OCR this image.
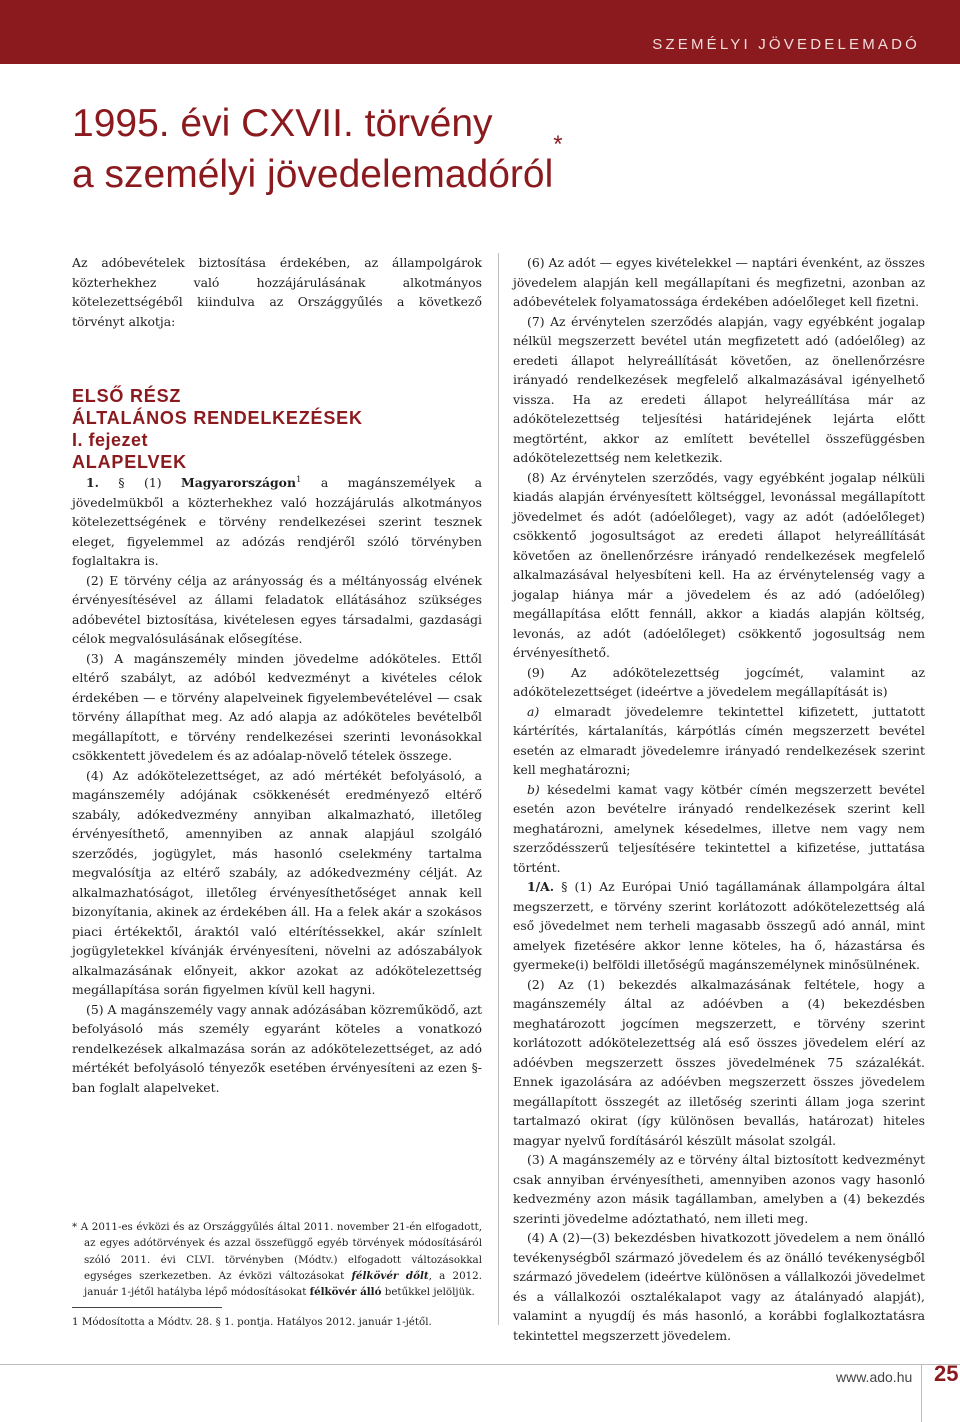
SZEMÉLYI JÖVEDELEMADÓ
1995. évi CXVII. törvény
a személyi jövedelemadóról*

Az adóbevételek biztosítása érdekében, az állampolgárok közterhekhez való hozzájárulásának alkotmányos kötelezettségéből kiindulva az Országgyűlés a következő törvényt alkotja:

ELSŐ RÉSZ

ÁLTALÁNOS RENDELKEZÉSEK

I. fejezet

ALAPELVEK

1. § (1) Magyarországon$^1$ a magánszemélyek a jövedelmükből a közterhekhez való hozzájárulás alkotmányos kötelezettségének e törvény rendelkezései szerint tesznek eleget, figyelemmel az adózás rendjéről szóló törvényben foglaltakra is.

(2) E törvény célja az arányosság és a méltányosság elvének érvényesítésével az állami feladatok ellátásához szükséges adóbevétel biztosítása, kivételesen egyes társadalmi, gazdasági célok megvalósulásának elősegítése.

(3) A magánszemély minden jövedelme adóköteles. Ettől eltérő szabályt, az adóból kedvezményt a kivételes célok érdekében — e törvény alapelveinek figyelembevételével — csak törvény állapíthat meg. Az adó alapja az adóköteles bevételből megállapított, e törvény rendelkezései szerinti levonásokkal csökkentett jövedelem és az adóalap-növelő tételek összege.

(4) Az adókötelezettséget, az adó mértékét befolyásoló, a magánszemély adójának csökkenését eredményező eltérő szabály, adókedvezmény annyiban alkalmazható, illetőleg érvényesíthető, amennyiben az annak alapjául szolgáló szerződés, jogügylet, más hasonló cselekmény tartalma megvalósítja az eltérő szabály, az adókedvezmény célját. Az alkalmazhatóságot, illetőleg érvényesíthetőséget annak kell bizonyítania, akinek az érdekében áll. Ha a felek akár a szokásos piaci értékektől, áraktól való eltérítéssekkel, akár színlelt jogügyletekkel kívánják érvényesíteni, növelni az adószabályok alkalmazásának előnyeit, akkor azokat az adókötelezettség megállapítása során figyelmen kívül kell hagyni.

(5) A magánszemély vagy annak adózásában közreműködő, azt befolyásoló más személy egyaránt köteles a vonatkozó rendelkezések alkalmazása során az adókötelezettséget, az adó mértékét befolyásoló tényezők esetében érvényesíteni az ezen §-ban foglalt alapelveket.

(6) Az adót — egyes kivételekkel — naptári évenként, az összes jövedelem alapján kell megállapítani és megfizetni, azonban az adóbevételek folyamatossága érdekében adóelőleget kell fizetni.

(7) Az érvénytelen szerződés alapján, vagy egyébként jogalap nélkül megszerzett bevétel után megfizetett adó (adóelőleg) az eredeti állapot helyreállítását követően, az önellenőrzésre irányadó rendelkezések megfelelő alkalmazásával igényelhető vissza. Ha az eredeti állapot helyreállítása már az adókötelezettség teljesítési határidejének lejárta előtt megtörtént, akkor az említett bevétellel összefüggésben adókötelezettség nem keletkezik.

(8) Az érvénytelen szerződés, vagy egyébként jogalap nélküli kiadás alapján érvényesített költséggel, levonással megállapított jövedelmet és adót (adóelőleget), vagy az adót (adóelőleget) csökkentő jogosultságot az eredeti állapot helyreállítását követően az önellenőrzésre irányadó rendelkezések megfelelő alkalmazásával helyesbíteni kell. Ha az érvénytelenség vagy a jogalap hiánya már a jövedelem és az adó (adóelőleg) megállapítása előtt fennáll, akkor a kiadás alapján költség, levonás, az adót (adóelőleget) csökkentő jogosultság nem érvényesíthető.

(9) Az adókötelezettség jogcímét, valamint az adókötelezettséget (ideértve a jövedelem megállapítását is)

a) elmaradt jövedelemre tekintettel kifizetett, juttatott kártérítés, kártalanítás, kárpótlás címén megszerzett bevétel esetén az elmaradt jövedelemre irányadó rendelkezések szerint kell meghatározni;

b) késedelmi kamat vagy kötbér címén megszerzett bevétel esetén azon bevételre irányadó rendelkezések szerint kell meghatározni, amelynek késedelmes, illetve nem vagy nem szerződésszerű teljesítésére tekintettel a kifizetése, juttatása történt.

1/A. § (1) Az Európai Unió tagállamának állampolgára által megszerzett, e törvény szerint korlátozott adókötelezettség alá eső jövedelmet nem terheli magasabb összegű adó annál, mint amelyek fizetésére akkor lenne köteles, ha ő, házastársa és gyermeke(i) belföldi illetőségű magánszemélynek minősülnének.

(2) Az (1) bekezdés alkalmazásának feltétele, hogy a magánszemély által az adóévben a (4) bekezdésben meghatározott jogcímen megszerzett, e törvény szerint korlátozott adókötelezettség alá eső összes jövedelem elérí az adóévben megszerzett összes jövedelmének 75 százalékát. Ennek igazolására az adóévben megszerzett összes jövedelem megállapított összegét az illetőség szerinti állam joga szerint tartalmazó okirat (így különösen bevallás, határozat) hiteles magyar nyelvű fordításáról készült másolat szolgál.

(3) A magánszemély az e törvény által biztosított kedvezményt csak annyiban érvényesítheti, amennyiben azonos vagy hasonló kedvezmény azon másik tagállamban, amelyben a (4) bekezdés szerinti jövedelme adóztatható, nem illeti meg.

(4) A (2)—(3) bekezdésben hivatkozott jövedelem a nem önálló tevékenységből származó jövedelem és az önálló tevékenységből származó jövedelem (ideértve különösen a vállalkozói jövedelmet és a vállalkozói osztalékalapot vagy az átalányadó alapját), valamint a nyugdíj és más hasonló, a korábbi foglalkoztatásra tekintettel megszerzett jövedelem.

* A 2011-es évközi és az Országgyűlés által 2011. november 21-én elfogadott, az egyes adótörvények és azzal összefüggő egyéb törvények módosításáról szóló 2011. évi CLVI. törvényben (Módtv.) elfogadott változásokkal egységes szerkezetben. Az évközi változásokat félkövér dőlt, a 2012. január 1-jétől hatályba lépő módosításokat félkövér álló betűkkel jelöljük.

1 Módosította a Módtv. 28. § 1. pontja. Hatályos 2012. január 1-jétől.

www.ado.hu 25
